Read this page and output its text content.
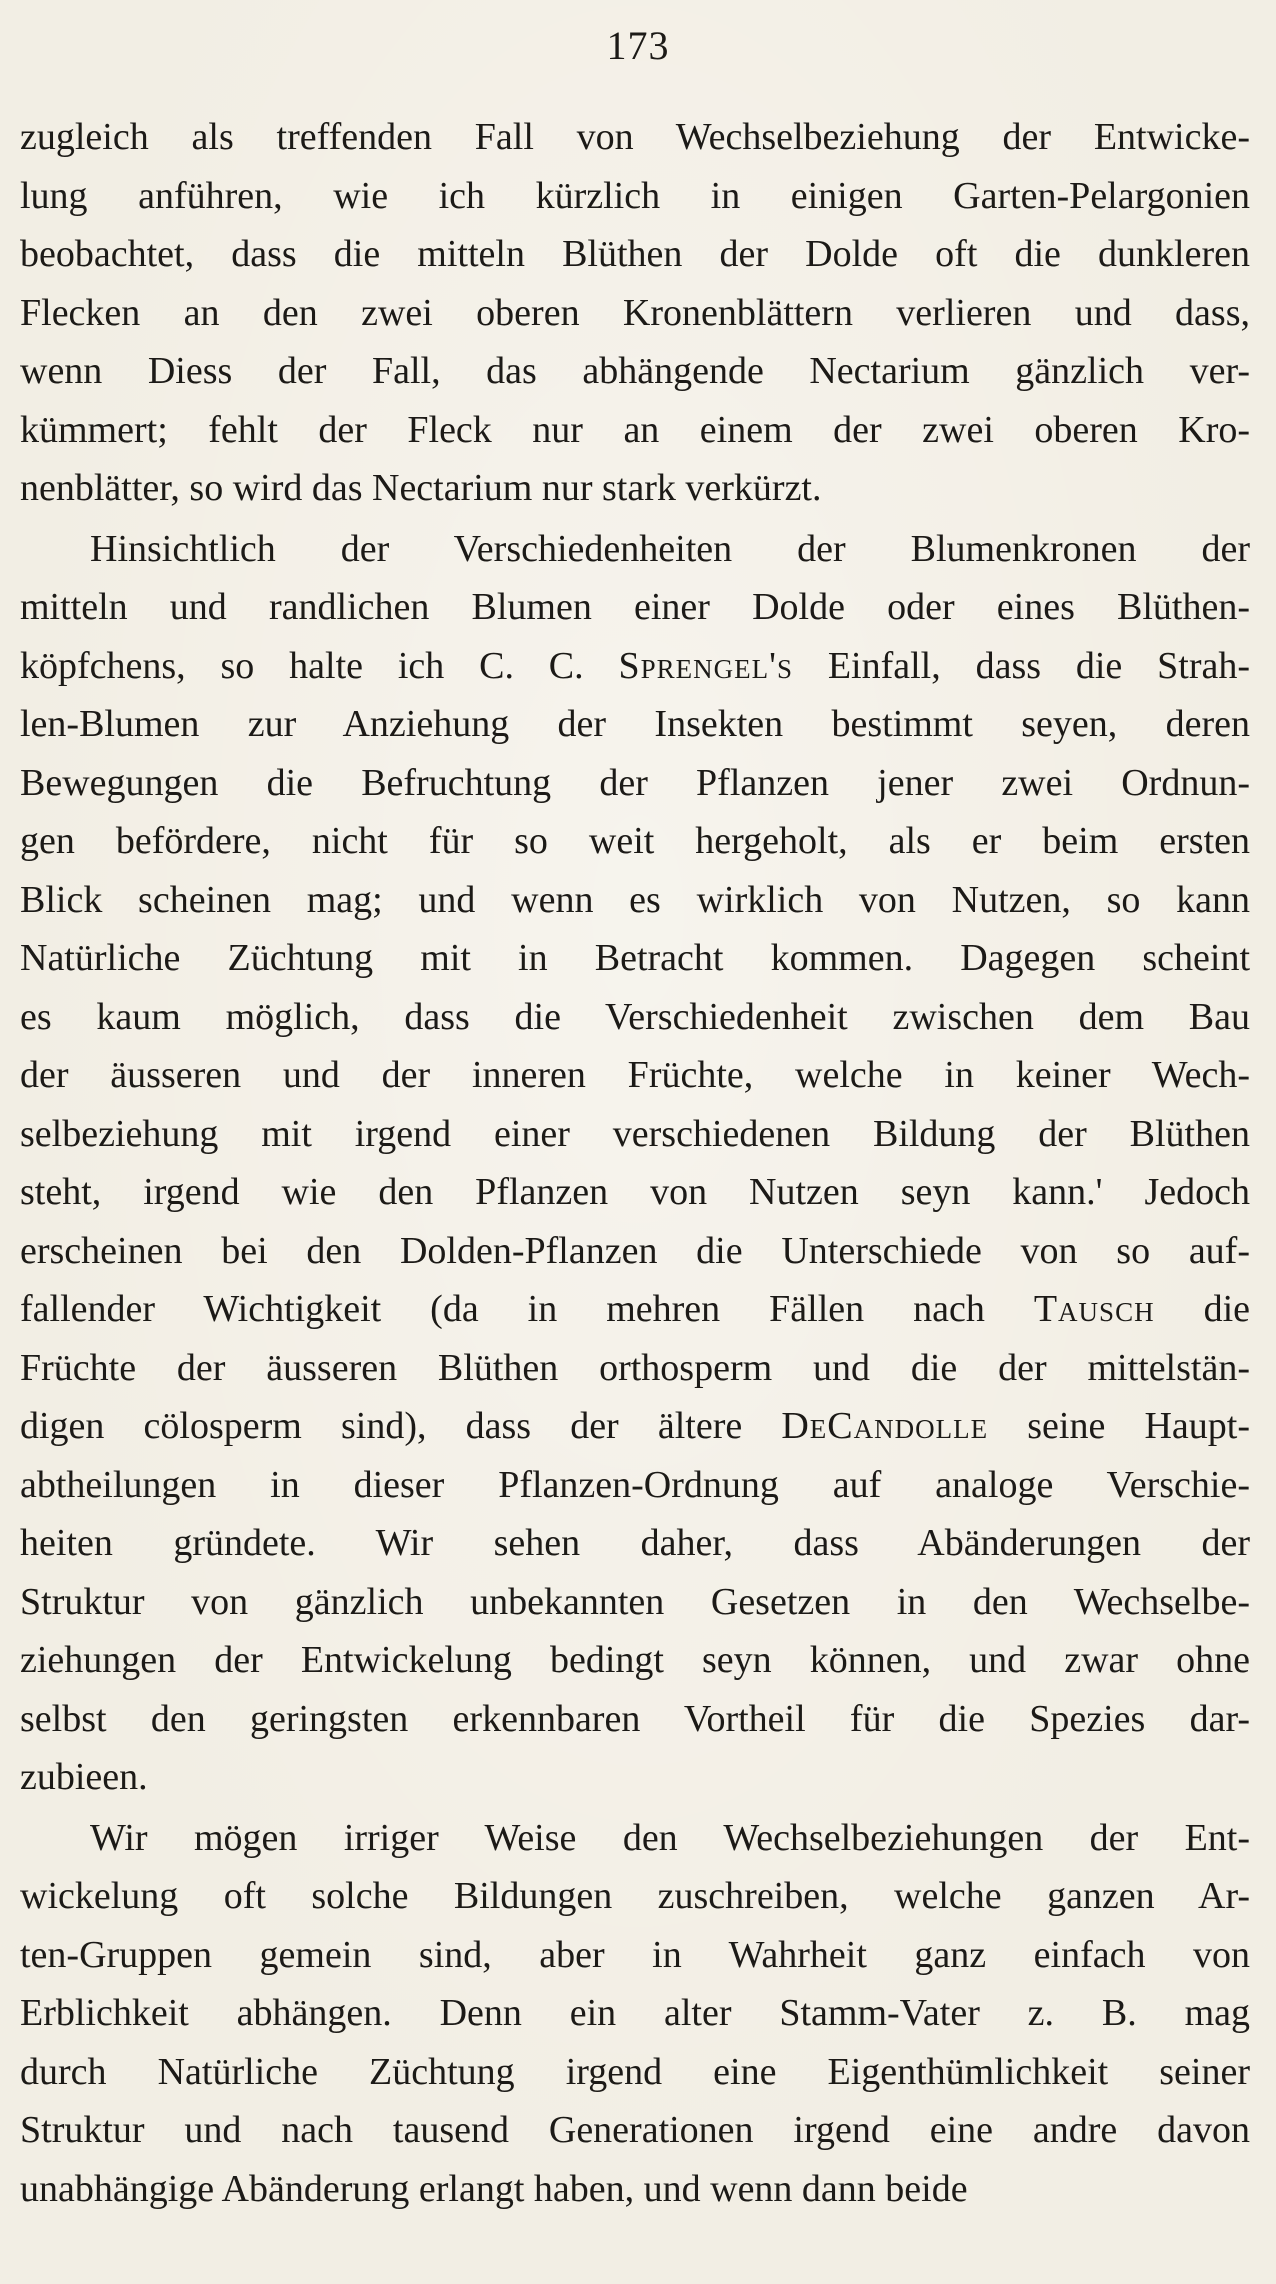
173
zugleich als treffenden Fall von Wechselbeziehung der Entwicke-
lung anführen, wie ich kürzlich in einigen Garten-Pelargonien
beobachtet, dass die mitteln Blüthen der Dolde oft die dunkleren
Flecken an den zwei oberen Kronenblättern verlieren und dass,
wenn Diess der Fall, das abhängende Nectarium gänzlich ver-
kümmert; fehlt der Fleck nur an einem der zwei oberen Kro-
nenblätter, so wird das Nectarium nur stark verkürzt.
Hinsichtlich der Verschiedenheiten der Blumenkronen der
mitteln und randlichen Blumen einer Dolde oder eines Blüthen-
köpfchens, so halte ich C. C. Sprengel's Einfall, dass die Strah-
len-Blumen zur Anziehung der Insekten bestimmt seyen, deren
Bewegungen die Befruchtung der Pflanzen jener zwei Ordnun-
gen befördere, nicht für so weit hergeholt, als er beim ersten
Blick scheinen mag; und wenn es wirklich von Nutzen, so kann
Natürliche Züchtung mit in Betracht kommen. Dagegen scheint
es kaum möglich, dass die Verschiedenheit zwischen dem Bau
der äusseren und der inneren Früchte, welche in keiner Wech-
selbeziehung mit irgend einer verschiedenen Bildung der Blüthen
steht, irgend wie den Pflanzen von Nutzen seyn kann.' Jedoch
erscheinen bei den Dolden-Pflanzen die Unterschiede von so auf-
fallender Wichtigkeit (da in mehren Fällen nach Tausch die
Früchte der äusseren Blüthen orthosperm und die der mittelstän-
digen cölosperm sind), dass der ältere DeCandolle seine Haupt-
abtheilungen in dieser Pflanzen-Ordnung auf analoge Verschie-
heiten gründete. Wir sehen daher, dass Abänderungen der
Struktur von gänzlich unbekannten Gesetzen in den Wechselbe-
ziehungen der Entwickelung bedingt seyn können, und zwar ohne
selbst den geringsten erkennbaren Vortheil für die Spezies dar-
zubieen.
Wir mögen irriger Weise den Wechselbeziehungen der Ent-
wickelung oft solche Bildungen zuschreiben, welche ganzen Ar-
ten-Gruppen gemein sind, aber in Wahrheit ganz einfach von
Erblichkeit abhängen. Denn ein alter Stamm-Vater z. B. mag
durch Natürliche Züchtung irgend eine Eigenthümlichkeit seiner
Struktur und nach tausend Generationen irgend eine andre davon
unabhängige Abänderung erlangt haben, und wenn dann beide
